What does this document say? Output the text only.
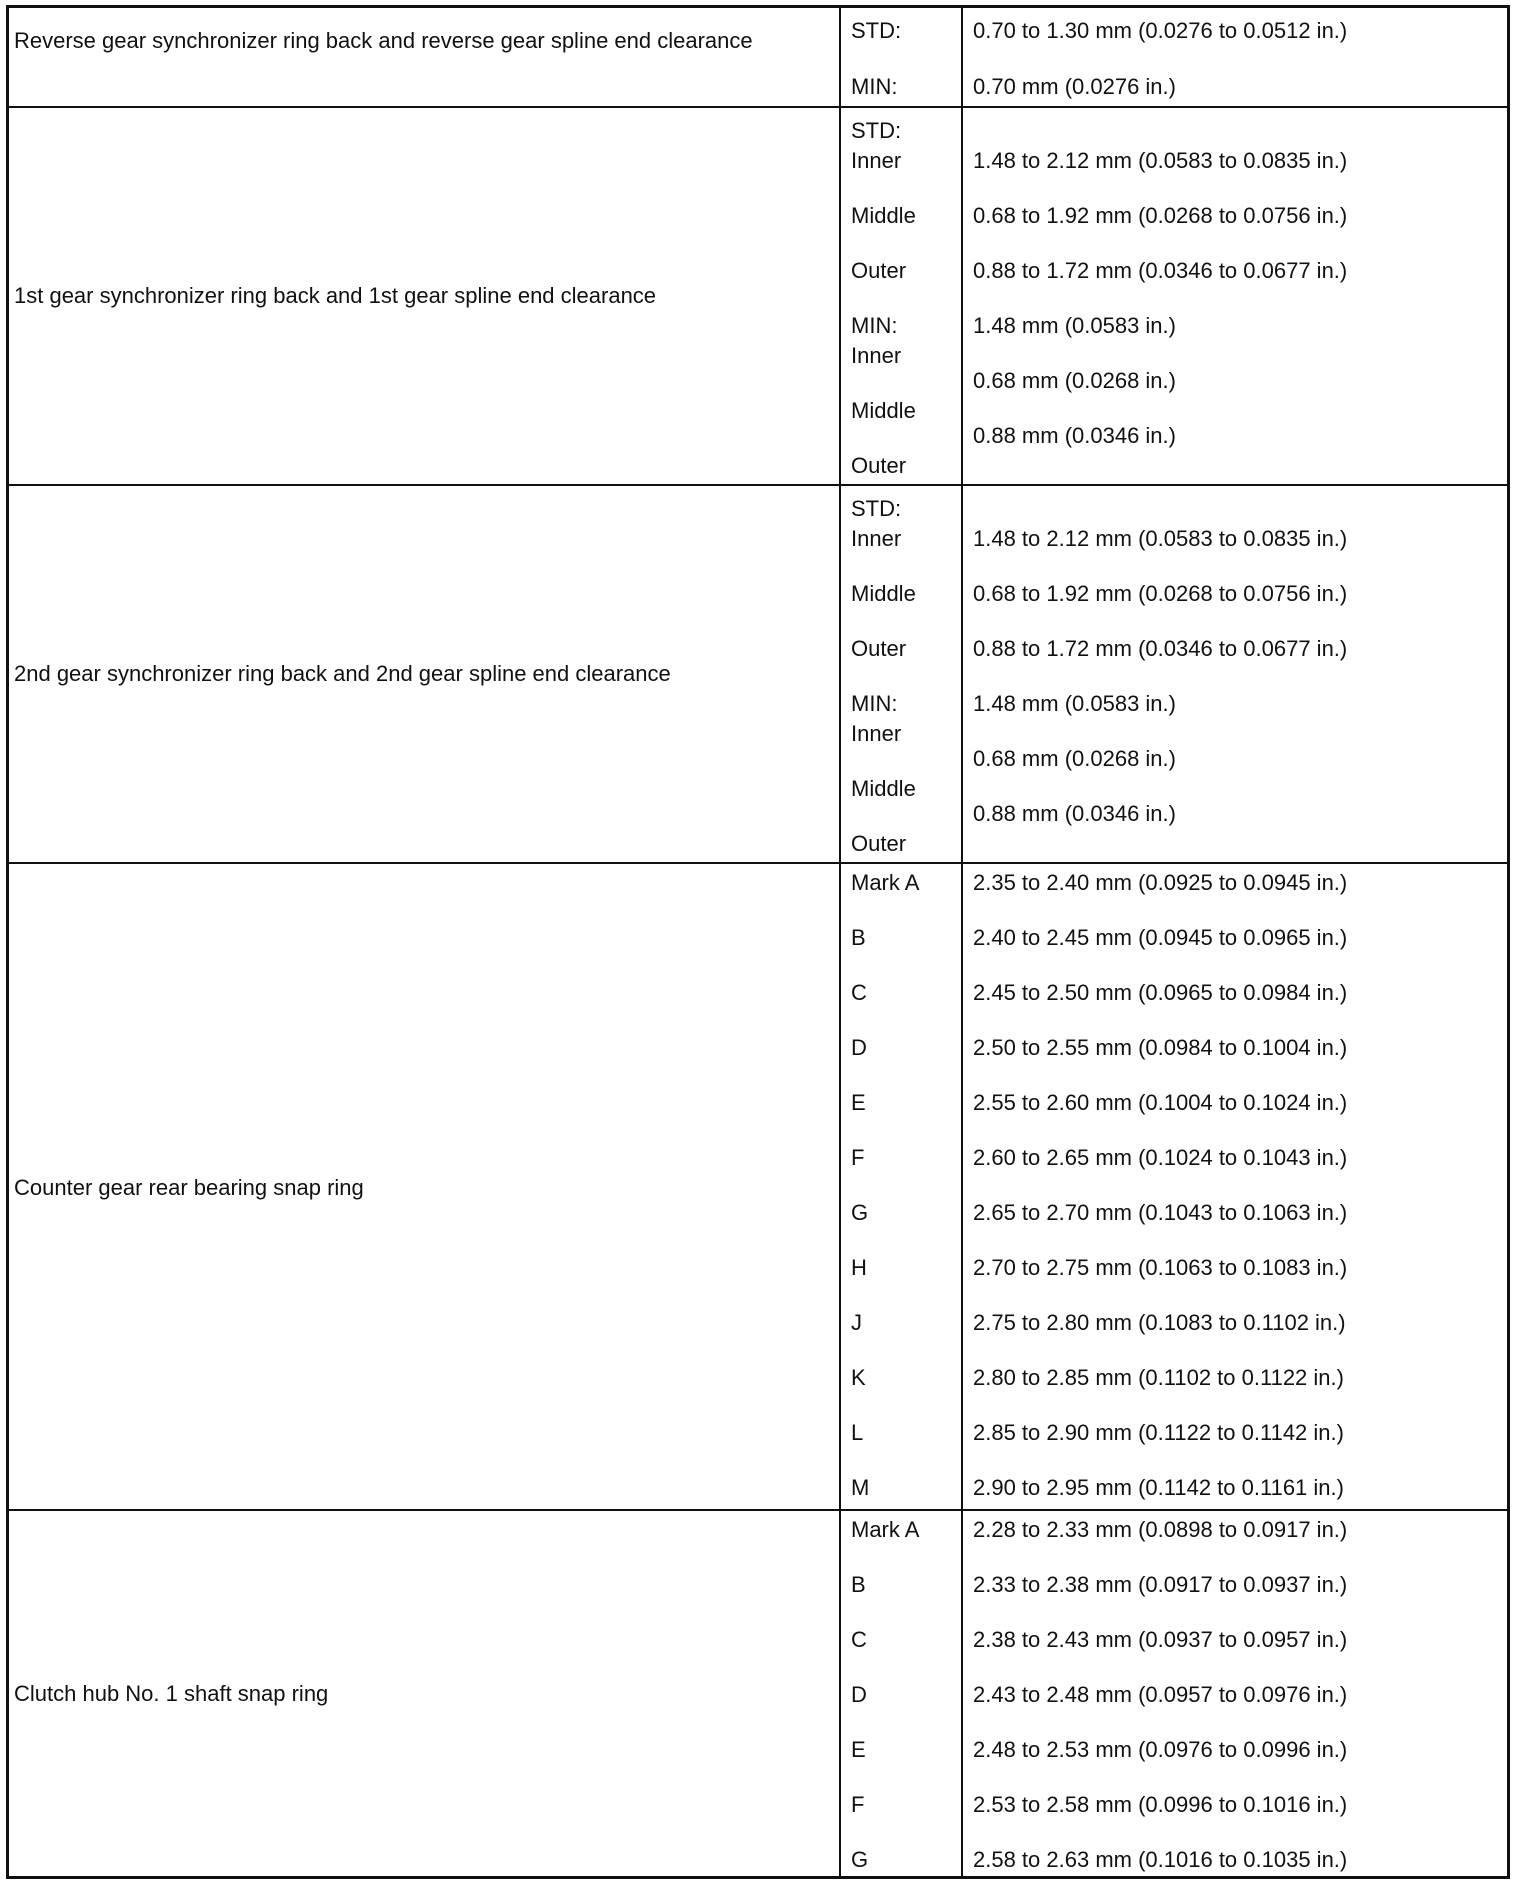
Reverse gear synchronizer ring back and reverse gear spline end clearance	STD:
MIN:
0.70 to 1.30 mm (0.0276 to 0.0512 in.)
0.70 mm (0.0276 in.)
1st gear synchronizer ring back and 1st gear spline end clearance
STD:
Inner
Middle
Outer
MIN:
Inner
Middle
Outer
1.48 to 2.12 mm (0.0583 to 0.0835 in.)
0.68 to 1.92 mm (0.0268 to 0.0756 in.)
0.88 to 1.72 mm (0.0346 to 0.0677 in.)
1.48 mm (0.0583 in.)
0.68 mm (0.0268 in.)
0.88 mm (0.0346 in.)
2nd gear synchronizer ring back and 2nd gear spline end clearance
STD:
Inner
Middle
Outer
MIN:
Inner
Middle
Outer
1.48 to 2.12 mm (0.0583 to 0.0835 in.)
0.68 to 1.92 mm (0.0268 to 0.0756 in.)
0.88 to 1.72 mm (0.0346 to 0.0677 in.)
1.48 mm (0.0583 in.)
0.68 mm (0.0268 in.)
0.88 mm (0.0346 in.)
Counter gear rear bearing snap ring
Mark A
B
C
D
E
F
G
H
J
K
L
M
2.35 to 2.40 mm (0.0925 to 0.0945 in.)
2.40 to 2.45 mm (0.0945 to 0.0965 in.)
2.45 to 2.50 mm (0.0965 to 0.0984 in.)
2.50 to 2.55 mm (0.0984 to 0.1004 in.)
2.55 to 2.60 mm (0.1004 to 0.1024 in.)
2.60 to 2.65 mm (0.1024 to 0.1043 in.)
2.65 to 2.70 mm (0.1043 to 0.1063 in.)
2.70 to 2.75 mm (0.1063 to 0.1083 in.)
2.75 to 2.80 mm (0.1083 to 0.1102 in.)
2.80 to 2.85 mm (0.1102 to 0.1122 in.)
2.85 to 2.90 mm (0.1122 to 0.1142 in.)
2.90 to 2.95 mm (0.1142 to 0.1161 in.)
Clutch hub No. 1 shaft snap ring
Mark A
B
C
D
E
F
G
2.28 to 2.33 mm (0.0898 to 0.0917 in.)
2.33 to 2.38 mm (0.0917 to 0.0937 in.)
2.38 to 2.43 mm (0.0937 to 0.0957 in.)
2.43 to 2.48 mm (0.0957 to 0.0976 in.)
2.48 to 2.53 mm (0.0976 to 0.0996 in.)
2.53 to 2.58 mm (0.0996 to 0.1016 in.)
2.58 to 2.63 mm (0.1016 to 0.1035 in.)
